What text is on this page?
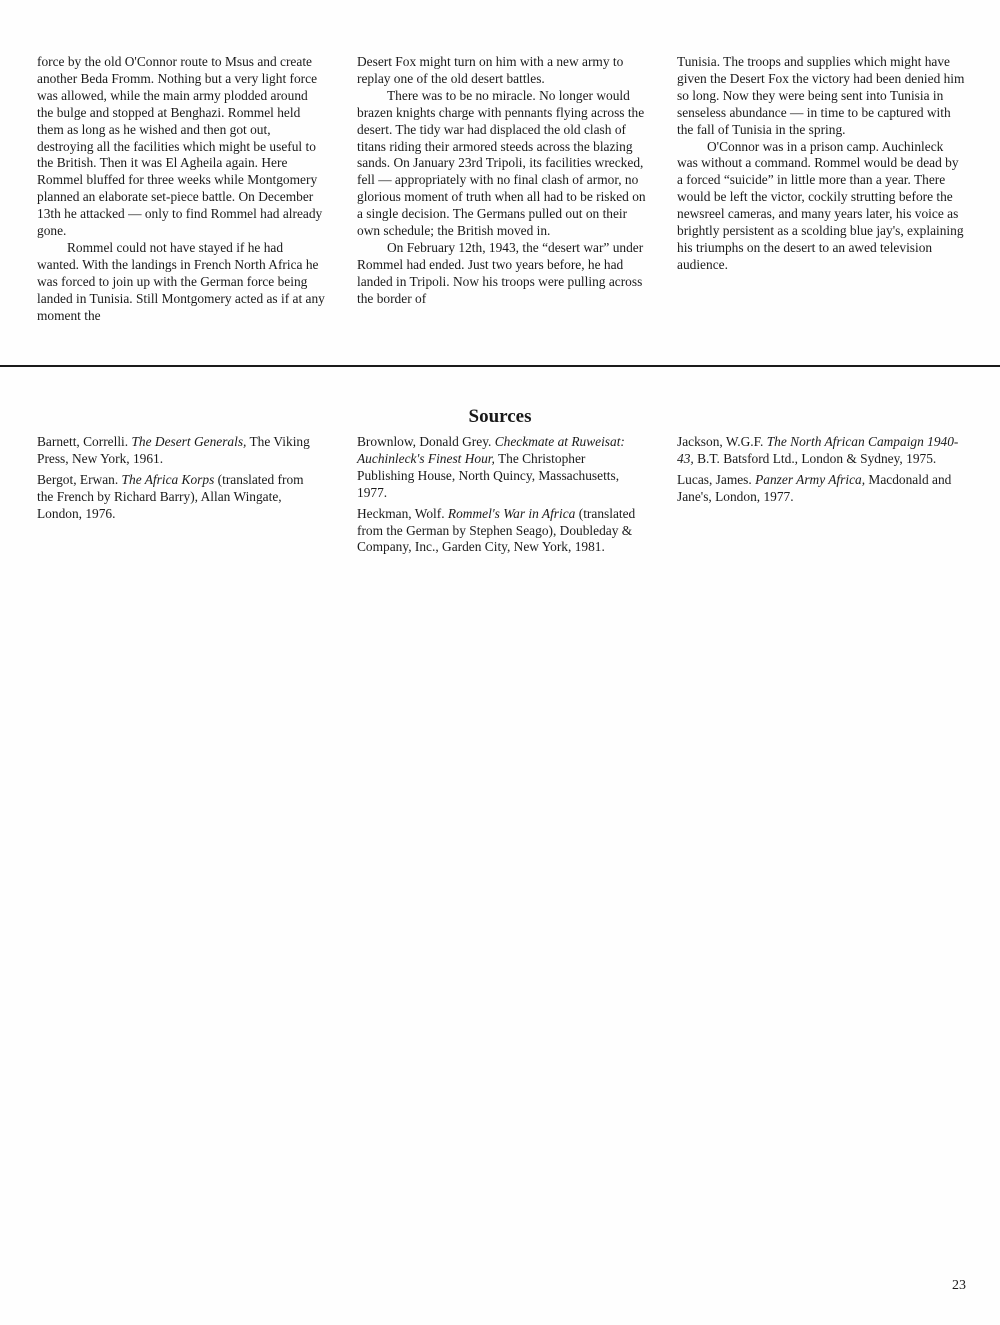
force by the old O'Connor route to Msus and create another Beda Fromm. Nothing but a very light force was allowed, while the main army plodded around the bulge and stopped at Benghazi. Rommel held them as long as he wished and then got out, destroying all the facilities which might be useful to the British. Then it was El Agheila again. Here Rommel bluffed for three weeks while Montgomery planned an elaborate set-piece battle. On December 13th he attacked — only to find Rommel had already gone.

Rommel could not have stayed if he had wanted. With the landings in French North Africa he was forced to join up with the German force being landed in Tunisia. Still Montgomery acted as if at any moment the

Desert Fox might turn on him with a new army to replay one of the old desert battles.

There was to be no miracle. No longer would brazen knights charge with pennants flying across the desert. The tidy war had displaced the old clash of titans riding their armored steeds across the blazing sands. On January 23rd Tripoli, its facilities wrecked, fell — appropriately with no final clash of armor, no glorious moment of truth when all had to be risked on a single decision. The Germans pulled out on their own schedule; the British moved in.

On February 12th, 1943, the “desert war” under Rommel had ended. Just two years before, he had landed in Tripoli. Now his troops were pulling across the border of

Tunisia. The troops and supplies which might have given the Desert Fox the victory had been denied him so long. Now they were being sent into Tunisia in senseless abundance — in time to be captured with the fall of Tunisia in the spring.

O'Connor was in a prison camp. Auchinleck was without a command. Rommel would be dead by a forced “suicide” in little more than a year. There would be left the victor, cockily strutting before the newsreel cameras, and many years later, his voice as brightly persistent as a scolding blue jay's, explaining his triumphs on the desert to an awed television audience.

Sources

Barnett, Correlli. The Desert Generals, The Viking Press, New York, 1961.

Bergot, Erwan. The Africa Korps (translated from the French by Richard Barry), Allan Wingate, London, 1976.

Brownlow, Donald Grey. Checkmate at Ruweisat: Auchinleck's Finest Hour, The Christopher Publishing House, North Quincy, Massachusetts, 1977.

Heckman, Wolf. Rommel's War in Africa (translated from the German by Stephen Seago), Doubleday & Company, Inc., Garden City, New York, 1981.

Jackson, W.G.F. The North African Campaign 1940-43, B.T. Batsford Ltd., London & Sydney, 1975.

Lucas, James. Panzer Army Africa, Macdonald and Jane's, London, 1977.

23
